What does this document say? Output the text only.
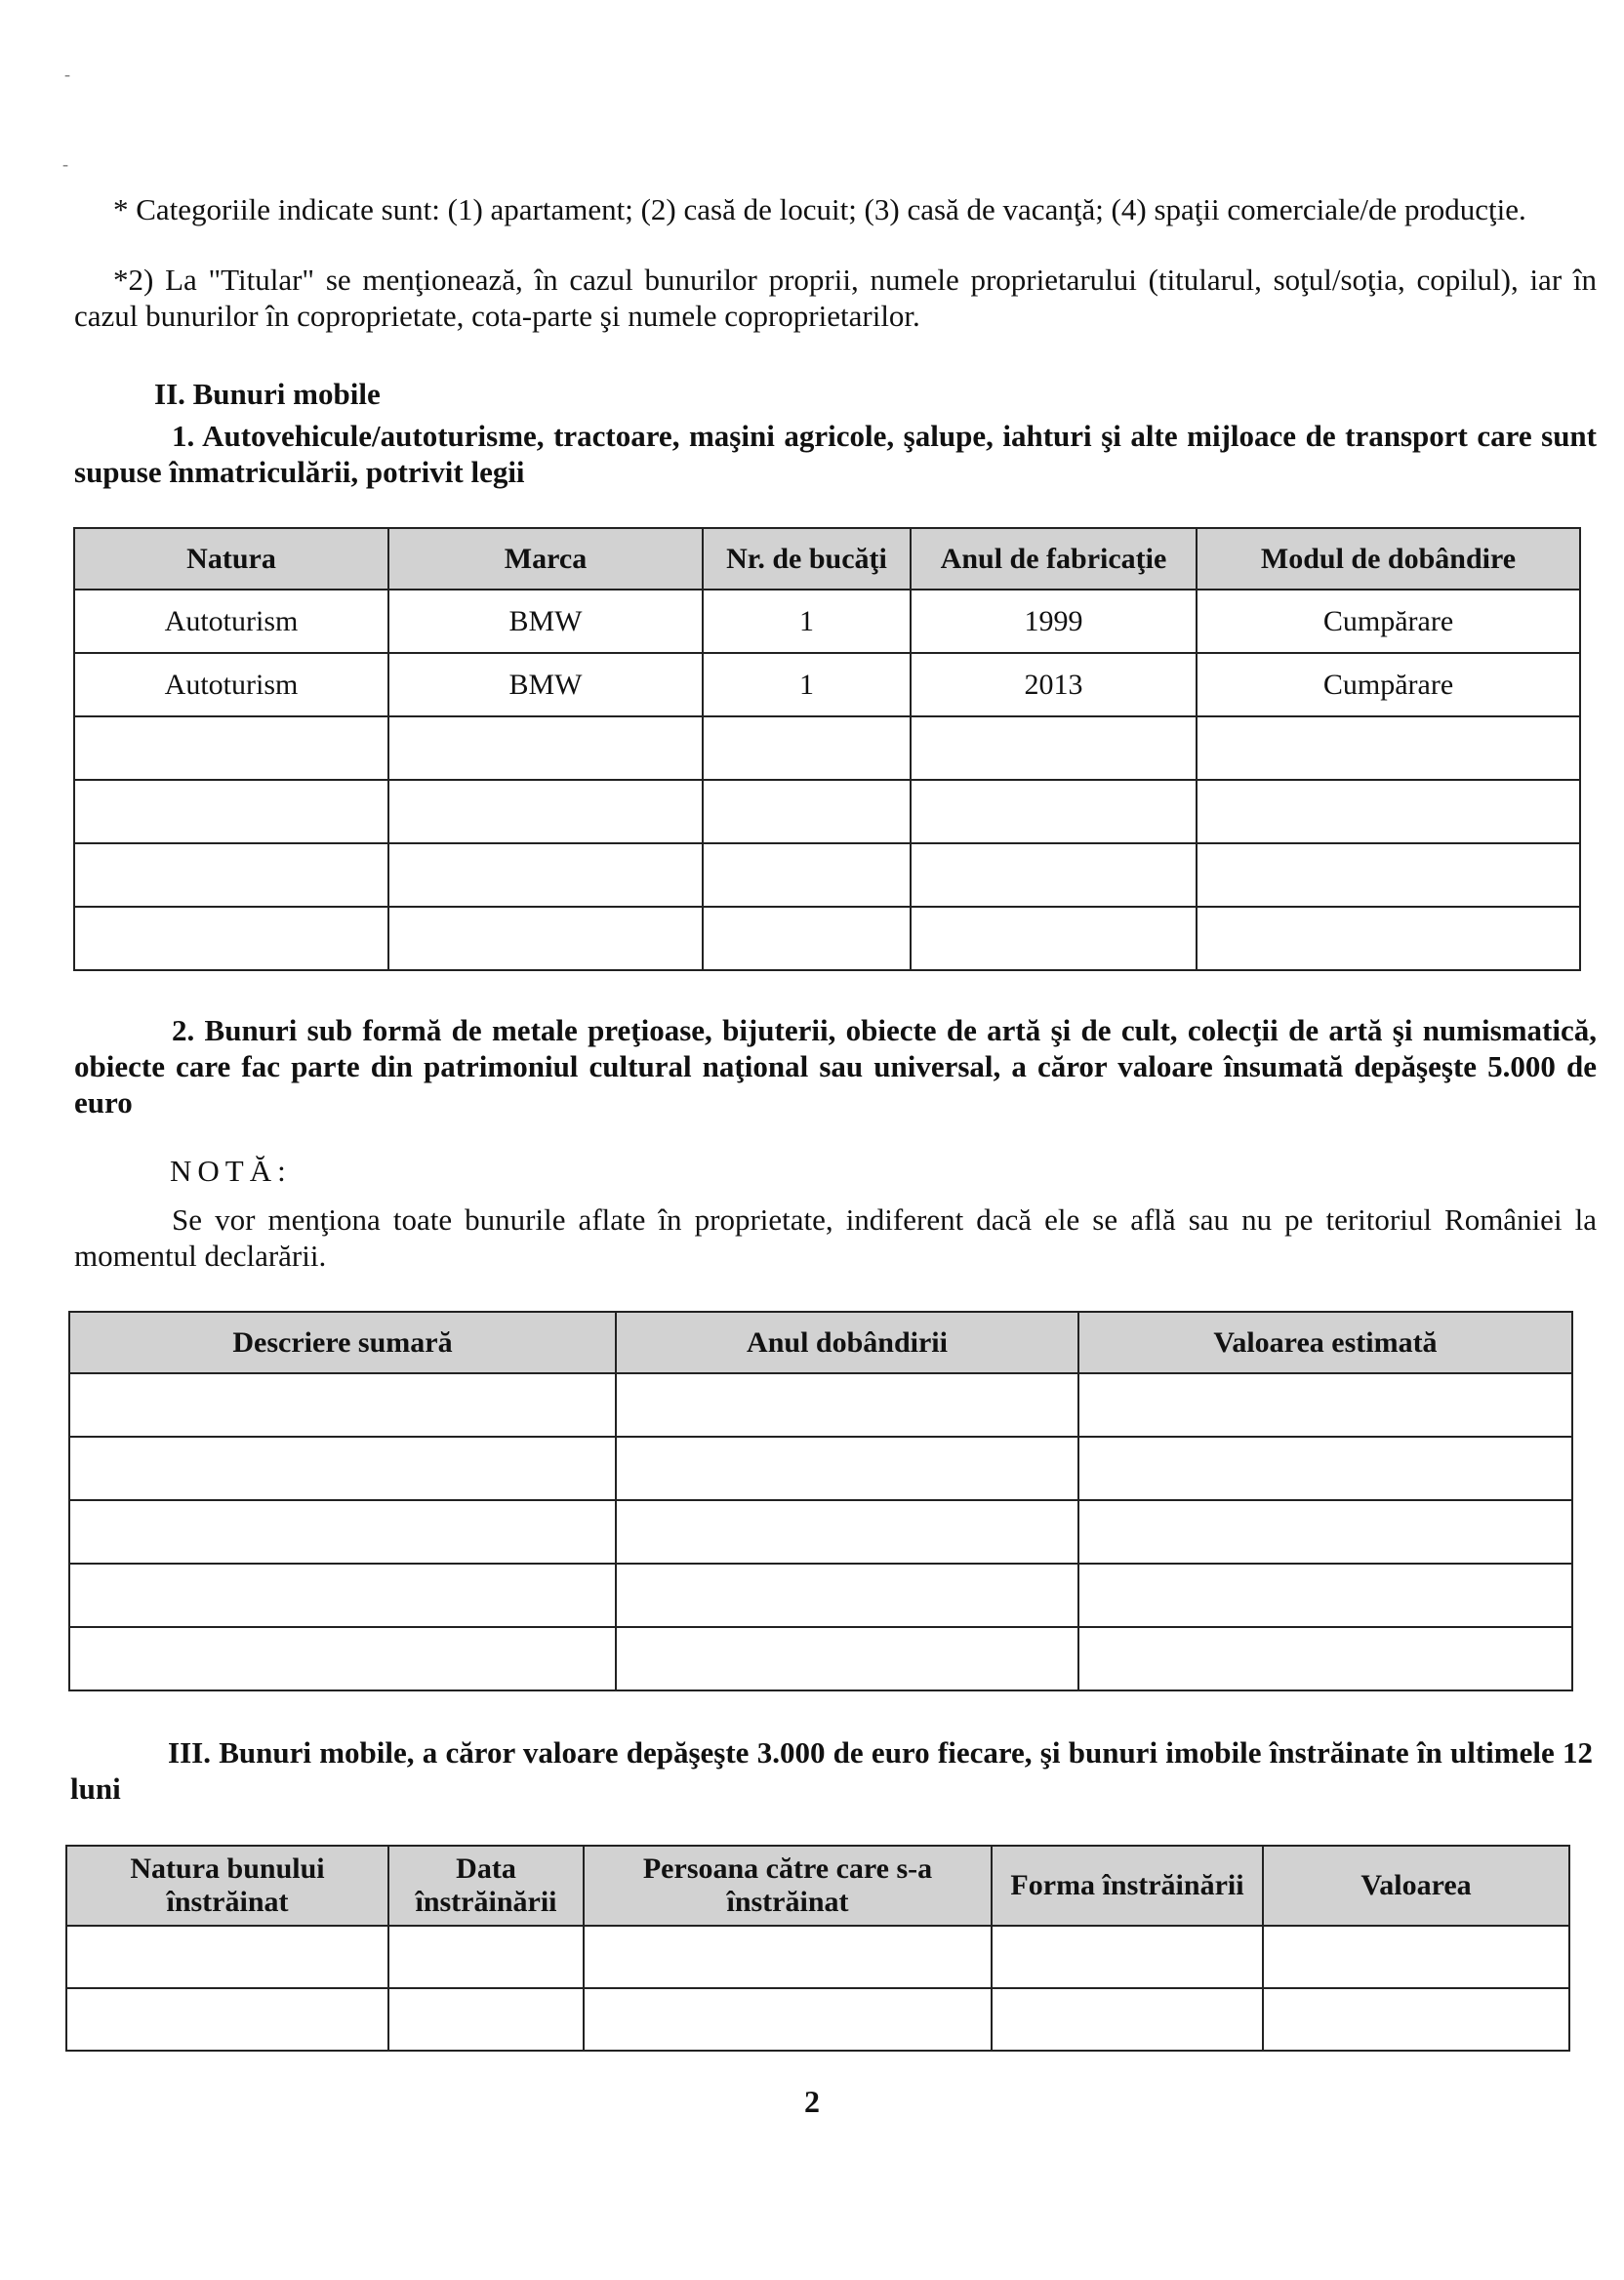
-
-
* Categoriile indicate sunt: (1) apartament; (2) casă de locuit; (3) casă de vacanţă; (4) spaţii comerciale/de producţie.
*2) La "Titular" se menţionează, în cazul bunurilor proprii, numele proprietarului (titularul, soţul/soţia, copilul), iar în cazul bunurilor în coproprietate, cota-parte şi numele coproprietarilor.
II. Bunuri mobile
1. Autovehicule/autoturisme, tractoare, maşini agricole, şalupe, iahturi şi alte mijloace de transport care sunt supuse înmatriculării, potrivit legii
Natura	Marca	Nr. de bucăţi	Anul de fabricaţie	Modul de dobândire
Autoturism	BMW	1	1999	Cumpărare
Autoturism	BMW	1	2013	Cumpărare

2. Bunuri sub formă de metale preţioase, bijuterii, obiecte de artă şi de cult, colecţii de artă şi numismatică, obiecte care fac parte din patrimoniul cultural naţional sau universal, a căror valoare însumată depăşeşte 5.000 de euro
NOTĂ:
Se vor menţiona toate bunurile aflate în proprietate, indiferent dacă ele se află sau nu pe teritoriul României la momentul declarării.
Descriere sumară	Anul dobândirii	Valoarea estimată

III. Bunuri mobile, a căror valoare depăşeşte 3.000 de euro fiecare, şi bunuri imobile înstrăinate în ultimele 12 luni
Natura bunului înstrăinat	Data înstrăinării	Persoana către care s-a înstrăinat	Forma înstrăinării	Valoarea

2
